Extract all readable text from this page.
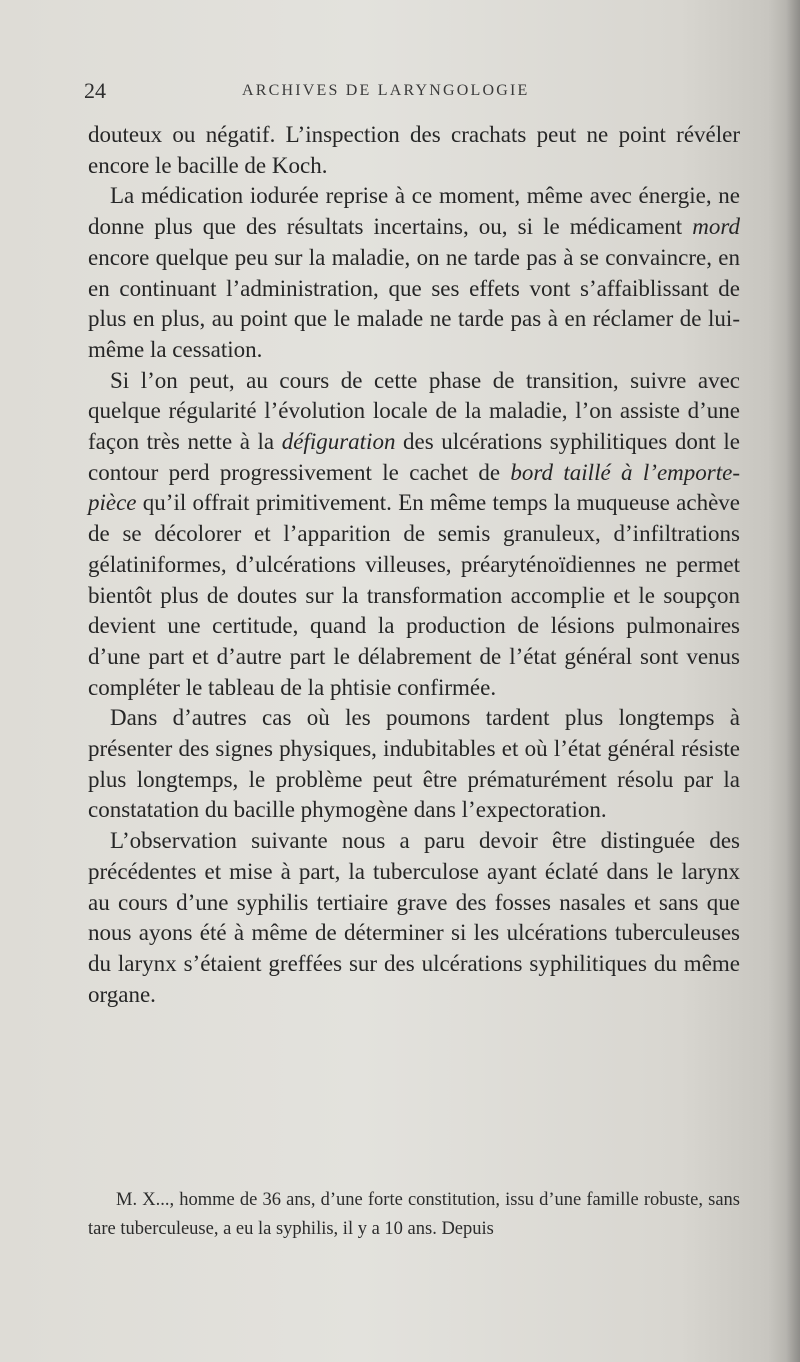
24	ARCHIVES DE LARYNGOLOGIE

douteux ou négatif. L’inspection des crachats peut ne point révéler encore le bacille de Koch.

La médication iodurée reprise à ce moment, même avec énergie, ne donne plus que des résultats incertains, ou, si le médicament mord encore quelque peu sur la maladie, on ne tarde pas à se convaincre, en en continuant l’administration, que ses effets vont s’affaiblissant de plus en plus, au point que le malade ne tarde pas à en réclamer de lui-même la cessation.

Si l’on peut, au cours de cette phase de transition, suivre avec quelque régularité l’évolution locale de la maladie, l’on assiste d’une façon très nette à la défiguration des ulcérations syphilitiques dont le contour perd progressivement le cachet de bord taillé à l’emporte-pièce qu’il offrait primitivement. En même temps la muqueuse achève de se décolorer et l’apparition de semis granuleux, d’infiltrations gélatiniformes, d’ulcérations villeuses, préaryténoïdiennes ne permet bientôt plus de doutes sur la transformation accomplie et le soupçon devient une certitude, quand la production de lésions pulmonaires d’une part et d’autre part le délabrement de l’état général sont venus compléter le tableau de la phtisie confirmée.

Dans d’autres cas où les poumons tardent plus longtemps à présenter des signes physiques, indubitables et où l’état général résiste plus longtemps, le problème peut être prématurément résolu par la constatation du bacille phymogène dans l’expectoration.

L’observation suivante nous a paru devoir être distinguée des précédentes et mise à part, la tuberculose ayant éclaté dans le larynx au cours d’une syphilis tertiaire grave des fosses nasales et sans que nous ayons été à même de déterminer si les ulcérations tuberculeuses du larynx s’étaient greffées sur des ulcérations syphilitiques du même organe.

M. X..., homme de 36 ans, d’une forte constitution, issu d’une famille robuste, sans tare tuberculeuse, a eu la syphilis, il y a 10 ans. Depuis
